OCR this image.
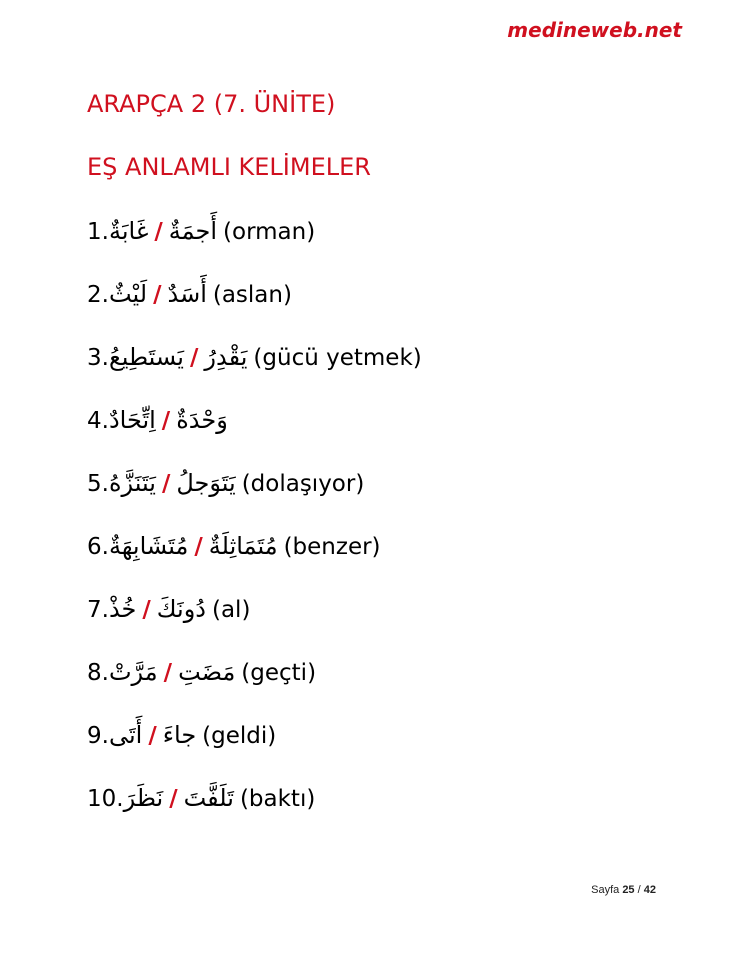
medineweb.net
ARAPÇA 2 (7. ÜNİTE)
EŞ ANLAMLI KELİMELER
1.غَابَةٌ / أَجمَةٌ (orman)
2.لَيْثٌ / أَسَدٌ (aslan)
3.يَستَطِيعُ / يَقْدِرُ (gücü yetmek)
4.اِتِّحَادٌ / وَحْدَةٌ
5.يَتَنَزَّهُ / يَتَوَجلُ (dolaşıyor)
6.مُتَشَابِهَةٌ / مُتَمَاثِلَةٌ (benzer)
7.خُذْ / دُونَكَ (al)
8.مَرَّتْ / مَضَتِ (geçti)
9.أَتَى / جاءَ (geldi)
10.نَظَرَ / تَلَفَّتَ (baktı)
Sayfa 25 / 42
